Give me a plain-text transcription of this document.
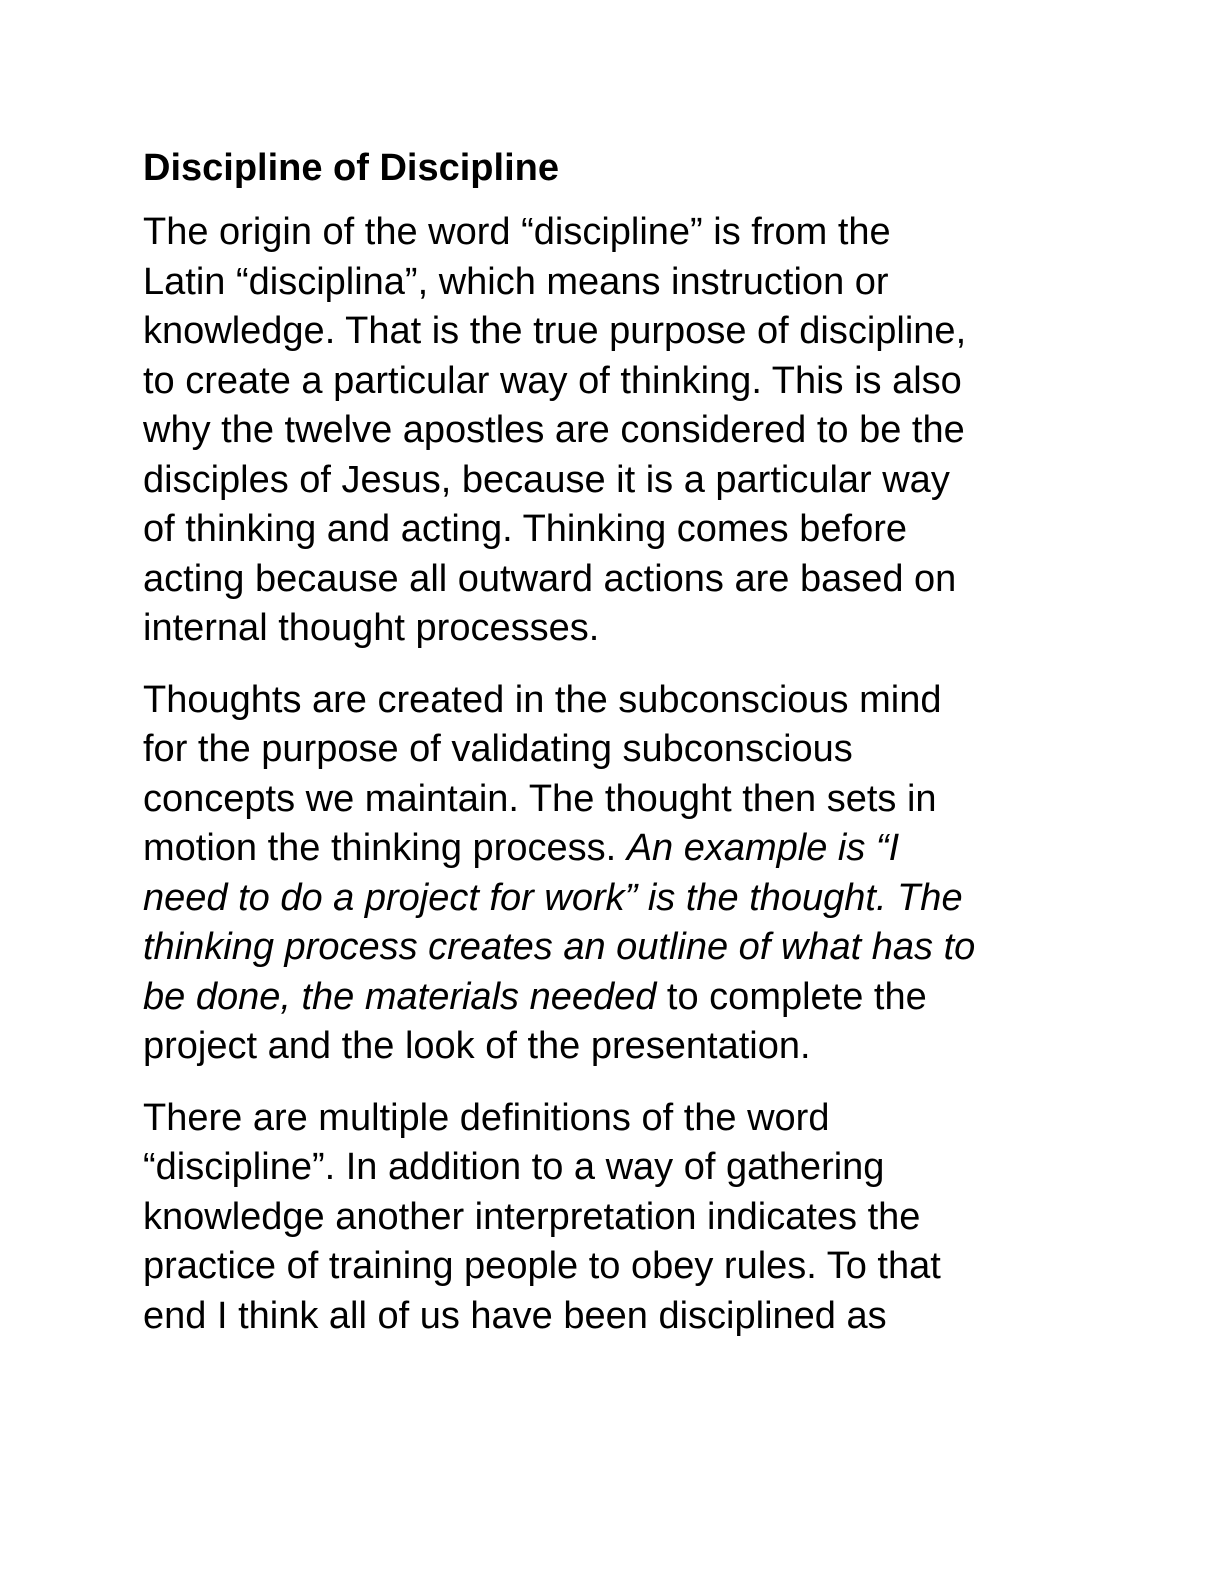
Discipline of Discipline
The origin of the word “discipline” is from the
Latin “disciplina”, which means instruction or
knowledge. That is the true purpose of discipline,
to create a particular way of thinking. This is also
why the twelve apostles are considered to be the
disciples of Jesus, because it is a particular way
of thinking and acting. Thinking comes before
acting because all outward actions are based on
internal thought processes.
Thoughts are created in the subconscious mind
for the purpose of validating subconscious
concepts we maintain. The thought then sets in
motion the thinking process. An example is “I
need to do a project for work” is the thought. The
thinking process creates an outline of what has to
be done, the materials needed to complete the
project and the look of the presentation.
There are multiple definitions of the word
“discipline”. In addition to a way of gathering
knowledge another interpretation indicates the
practice of training people to obey rules. To that
end I think all of us have been disciplined as
